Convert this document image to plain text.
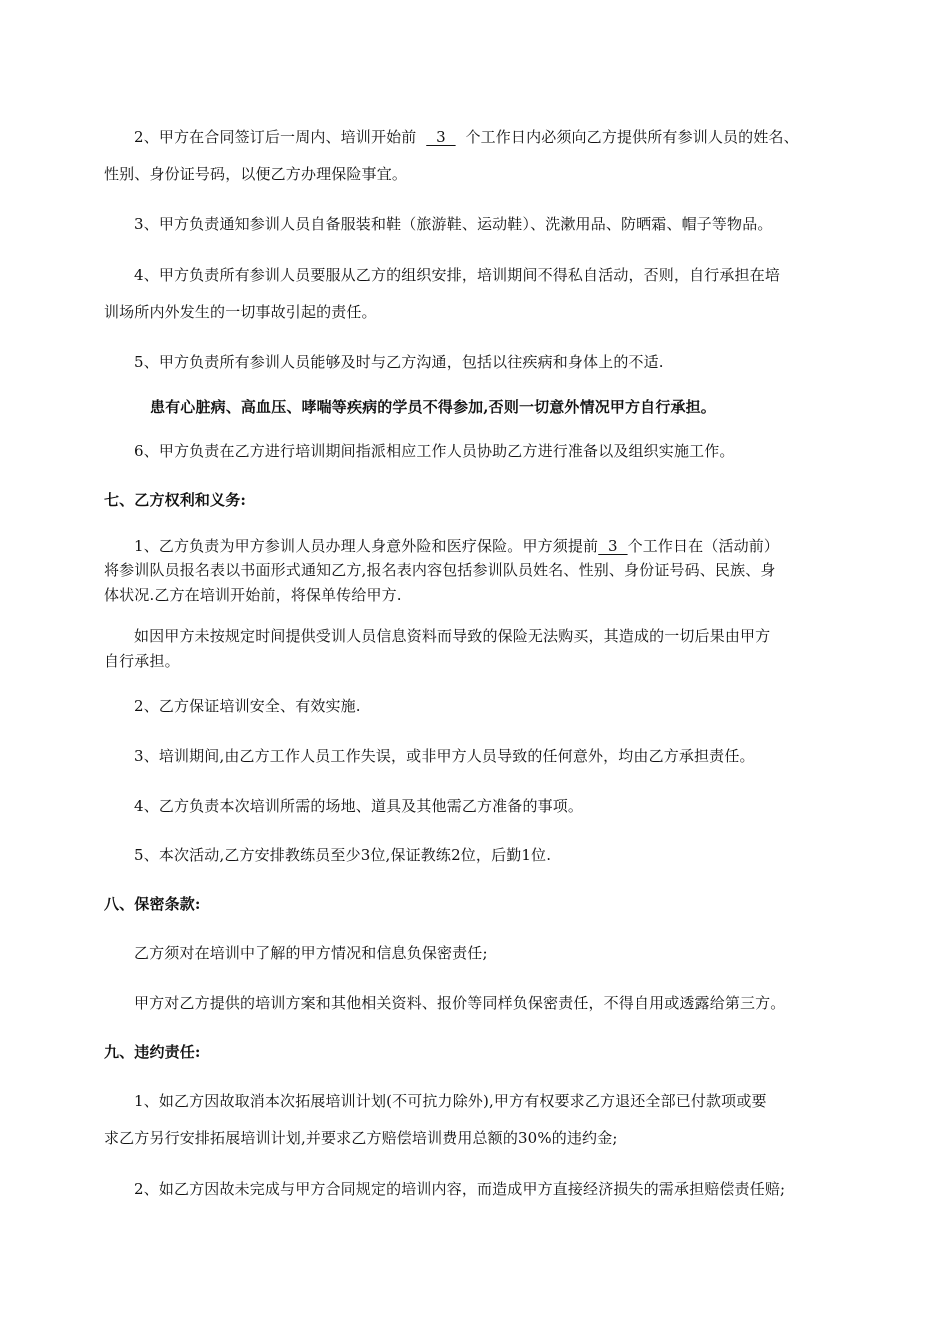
2、甲方在合同签订后一周内、培训开始前    3    个工作日内必须向乙方提供所有参训人员的姓名、
性别、身份证号码，以便乙方办理保险事宜。
3、甲方负责通知参训人员自备服装和鞋（旅游鞋、运动鞋）、洗漱用品、防晒霜、帽子等物品。
4、甲方负责所有参训人员要服从乙方的组织安排，培训期间不得私自活动，否则，自行承担在培
训场所内外发生的一切事故引起的责任。
5、甲方负责所有参训人员能够及时与乙方沟通，包括以往疾病和身体上的不适.
患有心脏病、高血压、哮喘等疾病的学员不得参加,否则一切意外情况甲方自行承担。
6、甲方负责在乙方进行培训期间指派相应工作人员协助乙方进行准备以及组织实施工作。
七、乙方权利和义务:
1、乙方负责为甲方参训人员办理人身意外险和医疗保险。甲方须提前  3  个工作日在（活动前）
将参训队员报名表以书面形式通知乙方,报名表内容包括参训队员姓名、性别、身份证号码、民族、身
体状况.乙方在培训开始前，将保单传给甲方.
如因甲方未按规定时间提供受训人员信息资料而导致的保险无法购买，其造成的一切后果由甲方
自行承担。
2、乙方保证培训安全、有效实施.
3、培训期间,由乙方工作人员工作失误，或非甲方人员导致的任何意外，均由乙方承担责任。
4、乙方负责本次培训所需的场地、道具及其他需乙方准备的事项。
5、本次活动,乙方安排教练员至少3位,保证教练2位，后勤1位.
八、保密条款:
乙方须对在培训中了解的甲方情况和信息负保密责任;
甲方对乙方提供的培训方案和其他相关资料、报价等同样负保密责任，不得自用或透露给第三方。
九、违约责任:
1、如乙方因故取消本次拓展培训计划(不可抗力除外),甲方有权要求乙方退还全部已付款项或要
求乙方另行安排拓展培训计划,并要求乙方赔偿培训费用总额的30%的违约金;
2、如乙方因故未完成与甲方合同规定的培训内容，而造成甲方直接经济损失的需承担赔偿责任赔;
